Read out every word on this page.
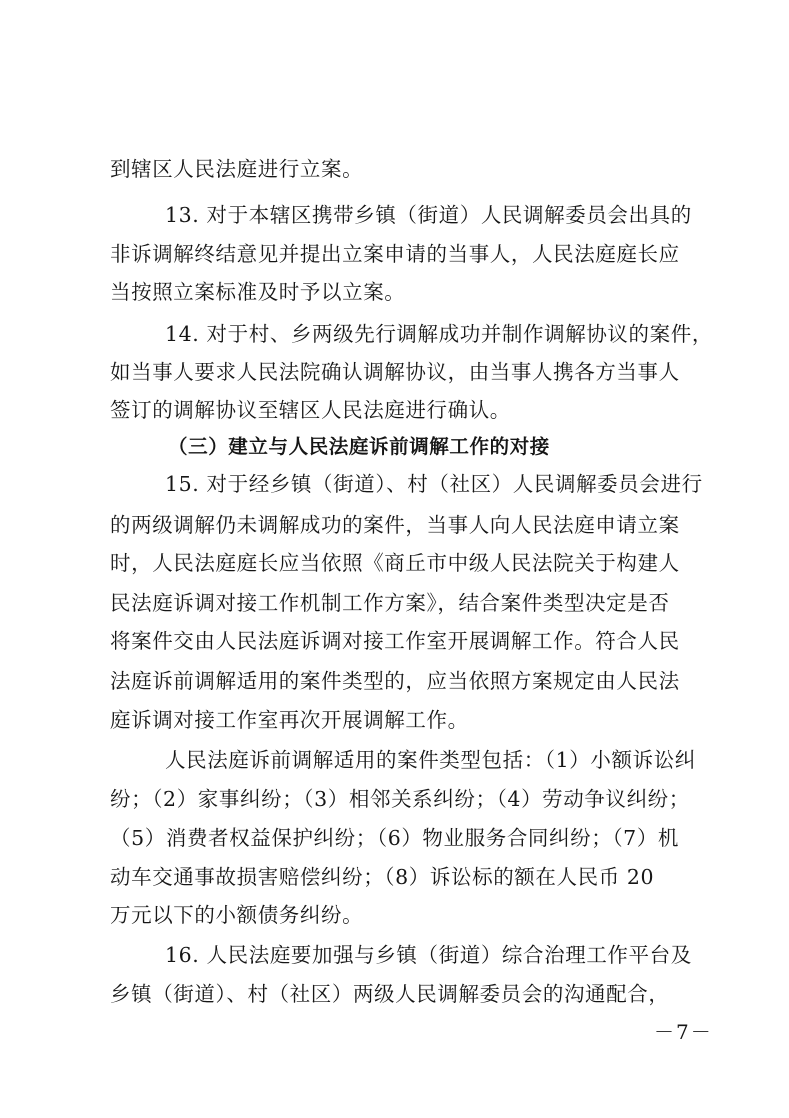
到辖区人民法庭进行立案。
13. 对于本辖区携带乡镇（街道）人民调解委员会出具的
非诉调解终结意见并提出立案申请的当事人，人民法庭庭长应
当按照立案标准及时予以立案。
14. 对于村、乡两级先行调解成功并制作调解协议的案件，
如当事人要求人民法院确认调解协议，由当事人携各方当事人
签订的调解协议至辖区人民法庭进行确认。
（三）建立与人民法庭诉前调解工作的对接
15. 对于经乡镇（街道）、村（社区）人民调解委员会进行
的两级调解仍未调解成功的案件，当事人向人民法庭申请立案
时，人民法庭庭长应当依照《商丘市中级人民法院关于构建人
民法庭诉调对接工作机制工作方案》，结合案件类型决定是否
将案件交由人民法庭诉调对接工作室开展调解工作。符合人民
法庭诉前调解适用的案件类型的，应当依照方案规定由人民法
庭诉调对接工作室再次开展调解工作。
人民法庭诉前调解适用的案件类型包括：（1）小额诉讼纠
纷；（2）家事纠纷；（3）相邻关系纠纷；（4）劳动争议纠纷；
（5）消费者权益保护纠纷；（6）物业服务合同纠纷；（7）机
动车交通事故损害赔偿纠纷；（8）诉讼标的额在人民币 20
万元以下的小额债务纠纷。
16. 人民法庭要加强与乡镇（街道）综合治理工作平台及
乡镇（街道）、村（社区）两级人民调解委员会的沟通配合，
－7－
